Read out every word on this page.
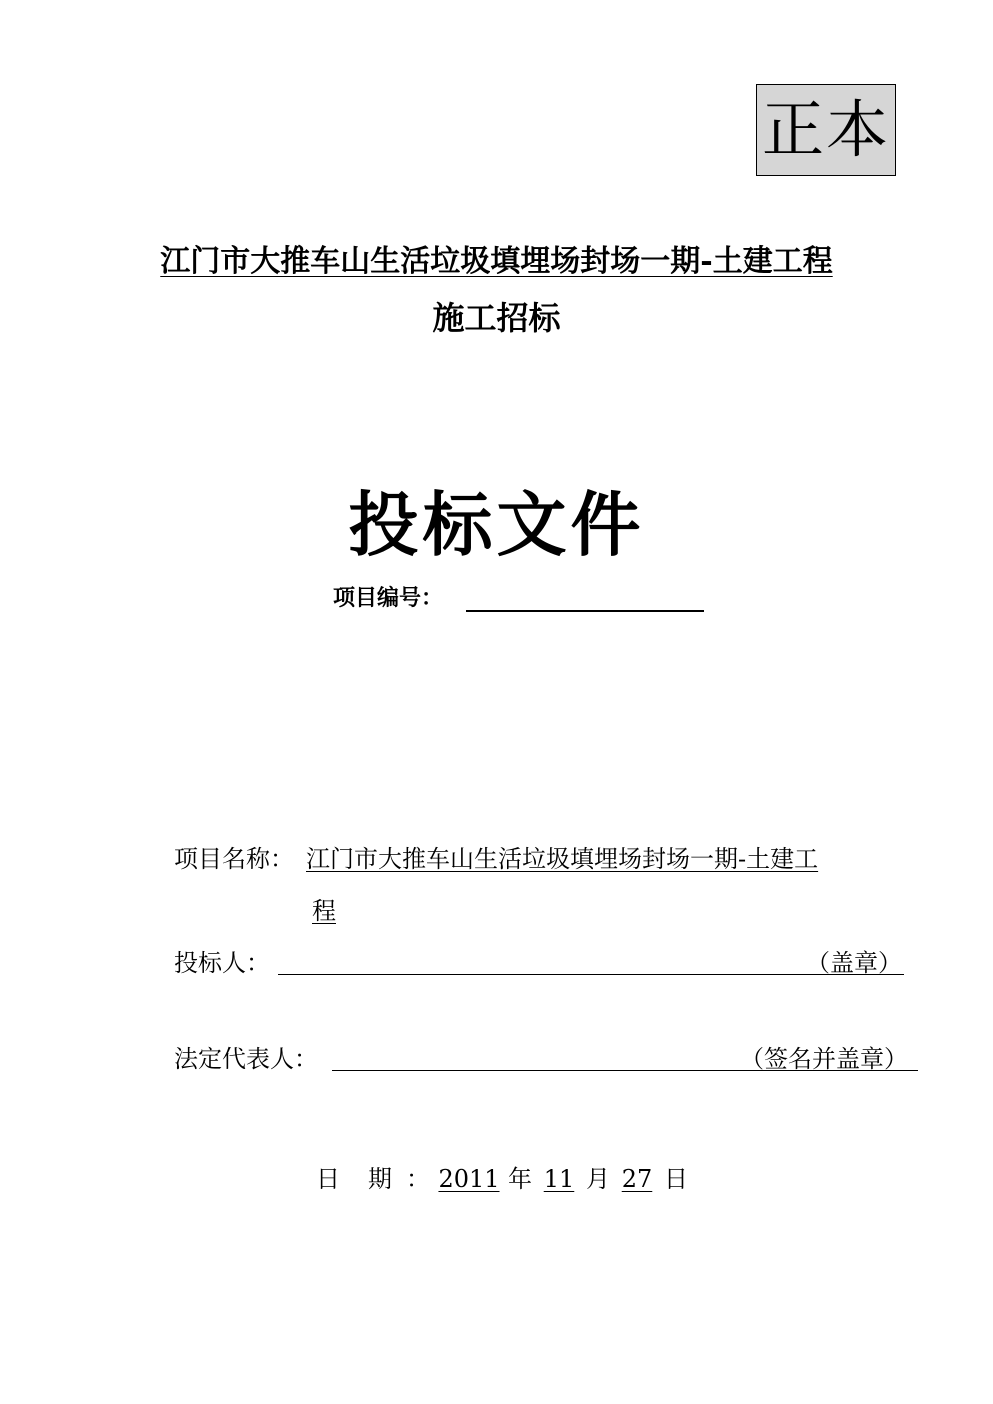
正本
江门市大推车山生活垃圾填埋场封场一期-土建工程
施工招标
投标文件
项目编号：
项目名称： 江门市大推车山生活垃圾填埋场封场一期-土建工
程
投标人：	（盖章）
法定代表人：	（签名并盖章）
日 期 ： 2011 年 11 月 27 日
